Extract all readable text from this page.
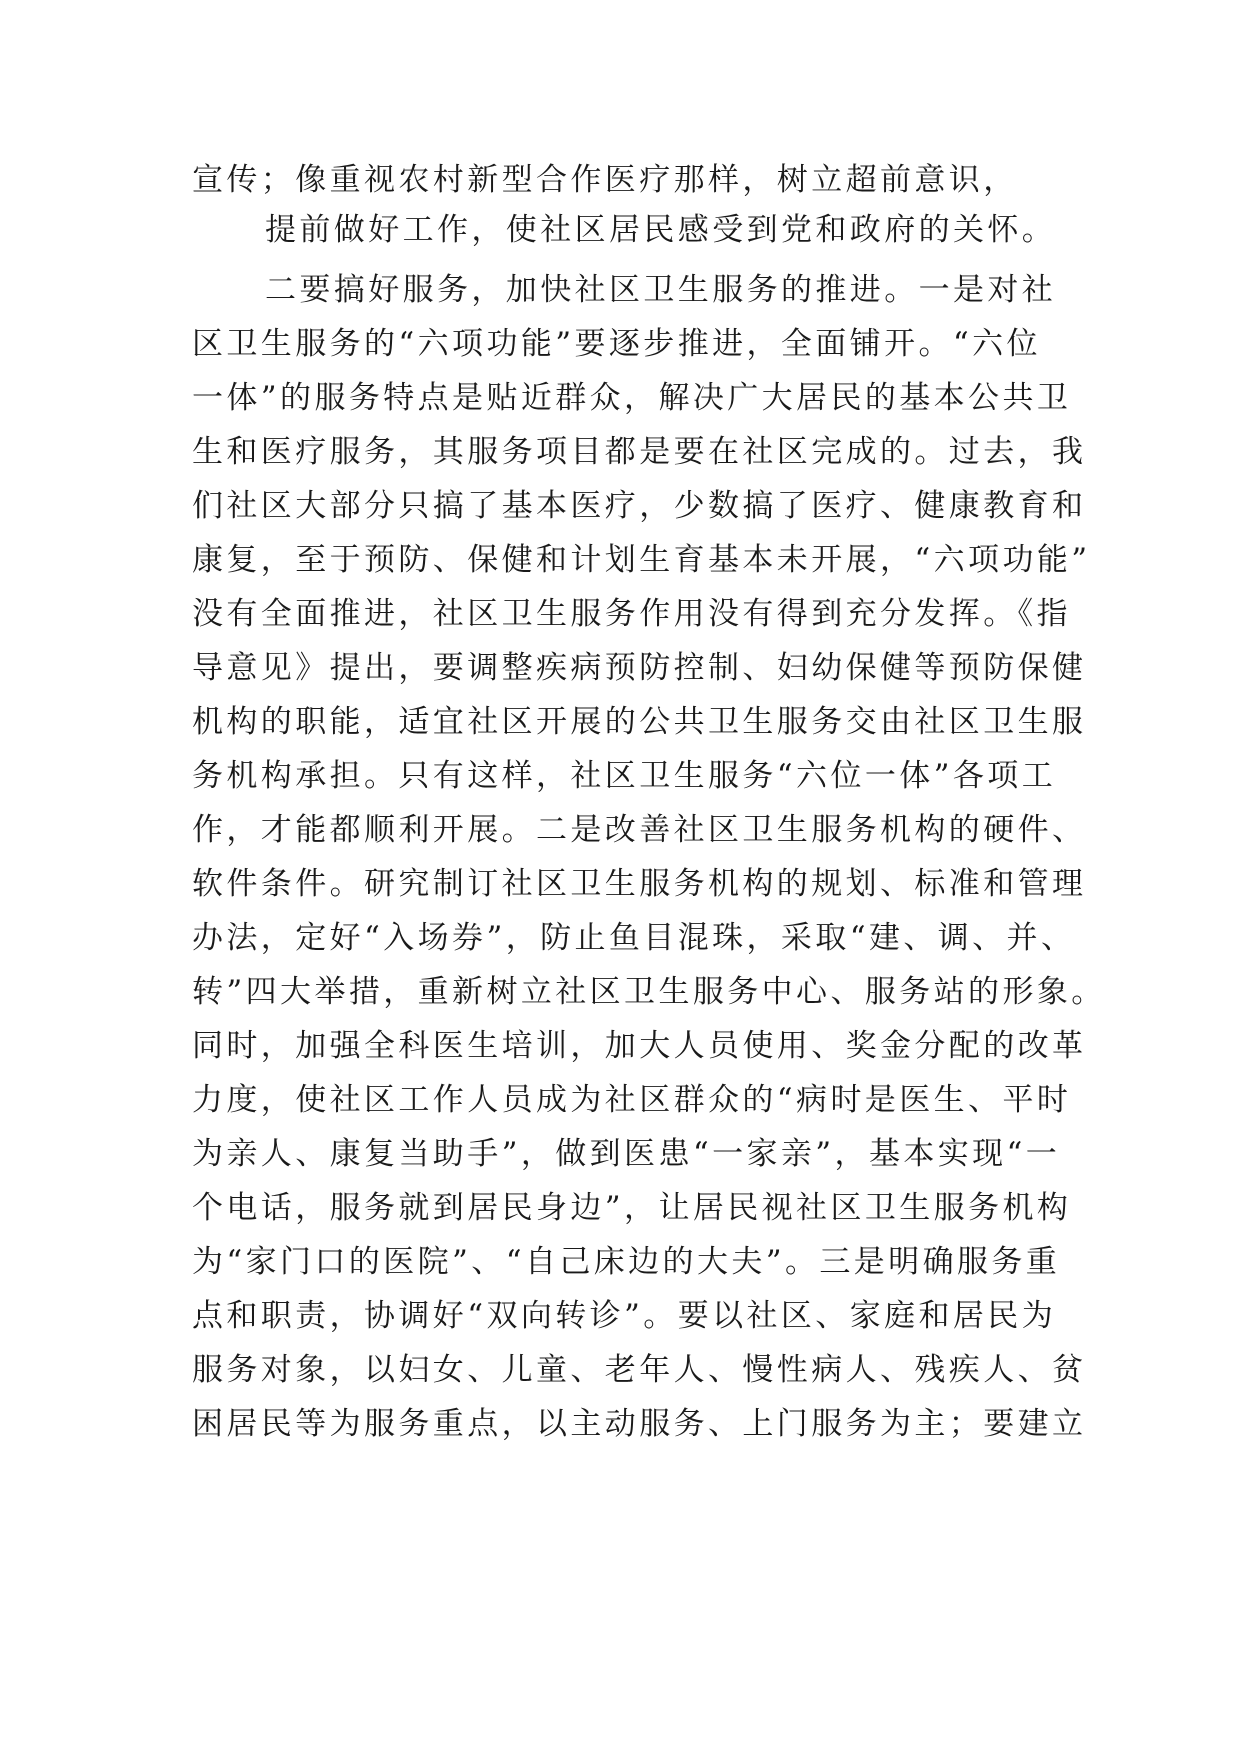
宣传；像重视农村新型合作医疗那样，树立超前意识，
提前做好工作，使社区居民感受到党和政府的关怀。
二要搞好服务，加快社区卫生服务的推进。一是对社
区卫生服务的“六项功能”要逐步推进，全面铺开。“六位
一体”的服务特点是贴近群众，解决广大居民的基本公共卫
生和医疗服务，其服务项目都是要在社区完成的。过去，我
们社区大部分只搞了基本医疗，少数搞了医疗、健康教育和
康复，至于预防、保健和计划生育基本未开展，“六项功能”
没有全面推进，社区卫生服务作用没有得到充分发挥。《指
导意见》提出，要调整疾病预防控制、妇幼保健等预防保健
机构的职能，适宜社区开展的公共卫生服务交由社区卫生服
务机构承担。只有这样，社区卫生服务“六位一体”各项工
作，才能都顺利开展。二是改善社区卫生服务机构的硬件、
软件条件。研究制订社区卫生服务机构的规划、标准和管理
办法，定好“入场券”，防止鱼目混珠，采取“建、调、并、
转”四大举措，重新树立社区卫生服务中心、服务站的形象。
同时，加强全科医生培训，加大人员使用、奖金分配的改革
力度，使社区工作人员成为社区群众的“病时是医生、平时
为亲人、康复当助手”，做到医患“一家亲”，基本实现“一
个电话，服务就到居民身边”，让居民视社区卫生服务机构
为“家门口的医院”、“自己床边的大夫”。三是明确服务重
点和职责，协调好“双向转诊”。要以社区、家庭和居民为
服务对象，以妇女、儿童、老年人、慢性病人、残疾人、贫
困居民等为服务重点，以主动服务、上门服务为主；要建立
